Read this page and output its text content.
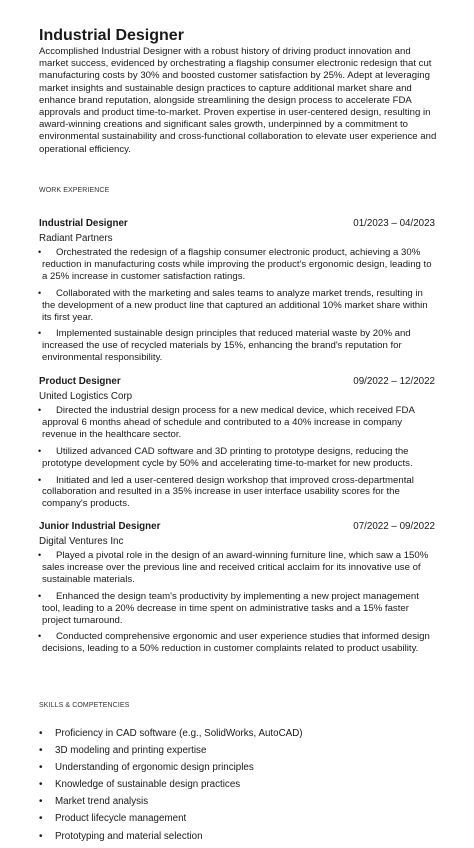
Industrial Designer

Accomplished Industrial Designer with a robust history of driving product innovation and market success, evidenced by orchestrating a flagship consumer electronic redesign that cut manufacturing costs by 30% and boosted customer satisfaction by 25%. Adept at leveraging market insights and sustainable design practices to capture additional market share and enhance brand reputation, alongside streamlining the design process to accelerate FDA approvals and product time-to-market. Proven expertise in user-centered design, resulting in award-winning creations and significant sales growth, underpinned by a commitment to environmental sustainability and cross-functional collaboration to elevate user experience and operational efficiency.

WORK EXPERIENCE
Industrial Designer	01/2023 – 04/2023
Radiant Partners
• Orchestrated the redesign of a flagship consumer electronic product, achieving a 30% reduction in manufacturing costs while improving the product's ergonomic design, leading to a 25% increase in customer satisfaction ratings.
• Collaborated with the marketing and sales teams to analyze market trends, resulting in the development of a new product line that captured an additional 10% market share within its first year.
• Implemented sustainable design principles that reduced material waste by 20% and increased the use of recycled materials by 15%, enhancing the brand's reputation for environmental responsibility.
Product Designer	09/2022 – 12/2022
United Logistics Corp
• Directed the industrial design process for a new medical device, which received FDA approval 6 months ahead of schedule and contributed to a 40% increase in company revenue in the healthcare sector.
• Utilized advanced CAD software and 3D printing to prototype designs, reducing the prototype development cycle by 50% and accelerating time-to-market for new products.
• Initiated and led a user-centered design workshop that improved cross-departmental collaboration and resulted in a 35% increase in user interface usability scores for the company's products.
Junior Industrial Designer	07/2022 – 09/2022
Digital Ventures Inc
• Played a pivotal role in the design of an award-winning furniture line, which saw a 150% sales increase over the previous line and received critical acclaim for its innovative use of sustainable materials.
• Enhanced the design team's productivity by implementing a new project management tool, leading to a 20% decrease in time spent on administrative tasks and a 15% faster project turnaround.
• Conducted comprehensive ergonomic and user experience studies that informed design decisions, leading to a 50% reduction in customer complaints related to product usability.
SKILLS & COMPETENCIES
• Proficiency in CAD software (e.g., SolidWorks, AutoCAD)
• 3D modeling and printing expertise
• Understanding of ergonomic design principles
• Knowledge of sustainable design practices
• Market trend analysis
• Product lifecycle management
• Prototyping and material selection
